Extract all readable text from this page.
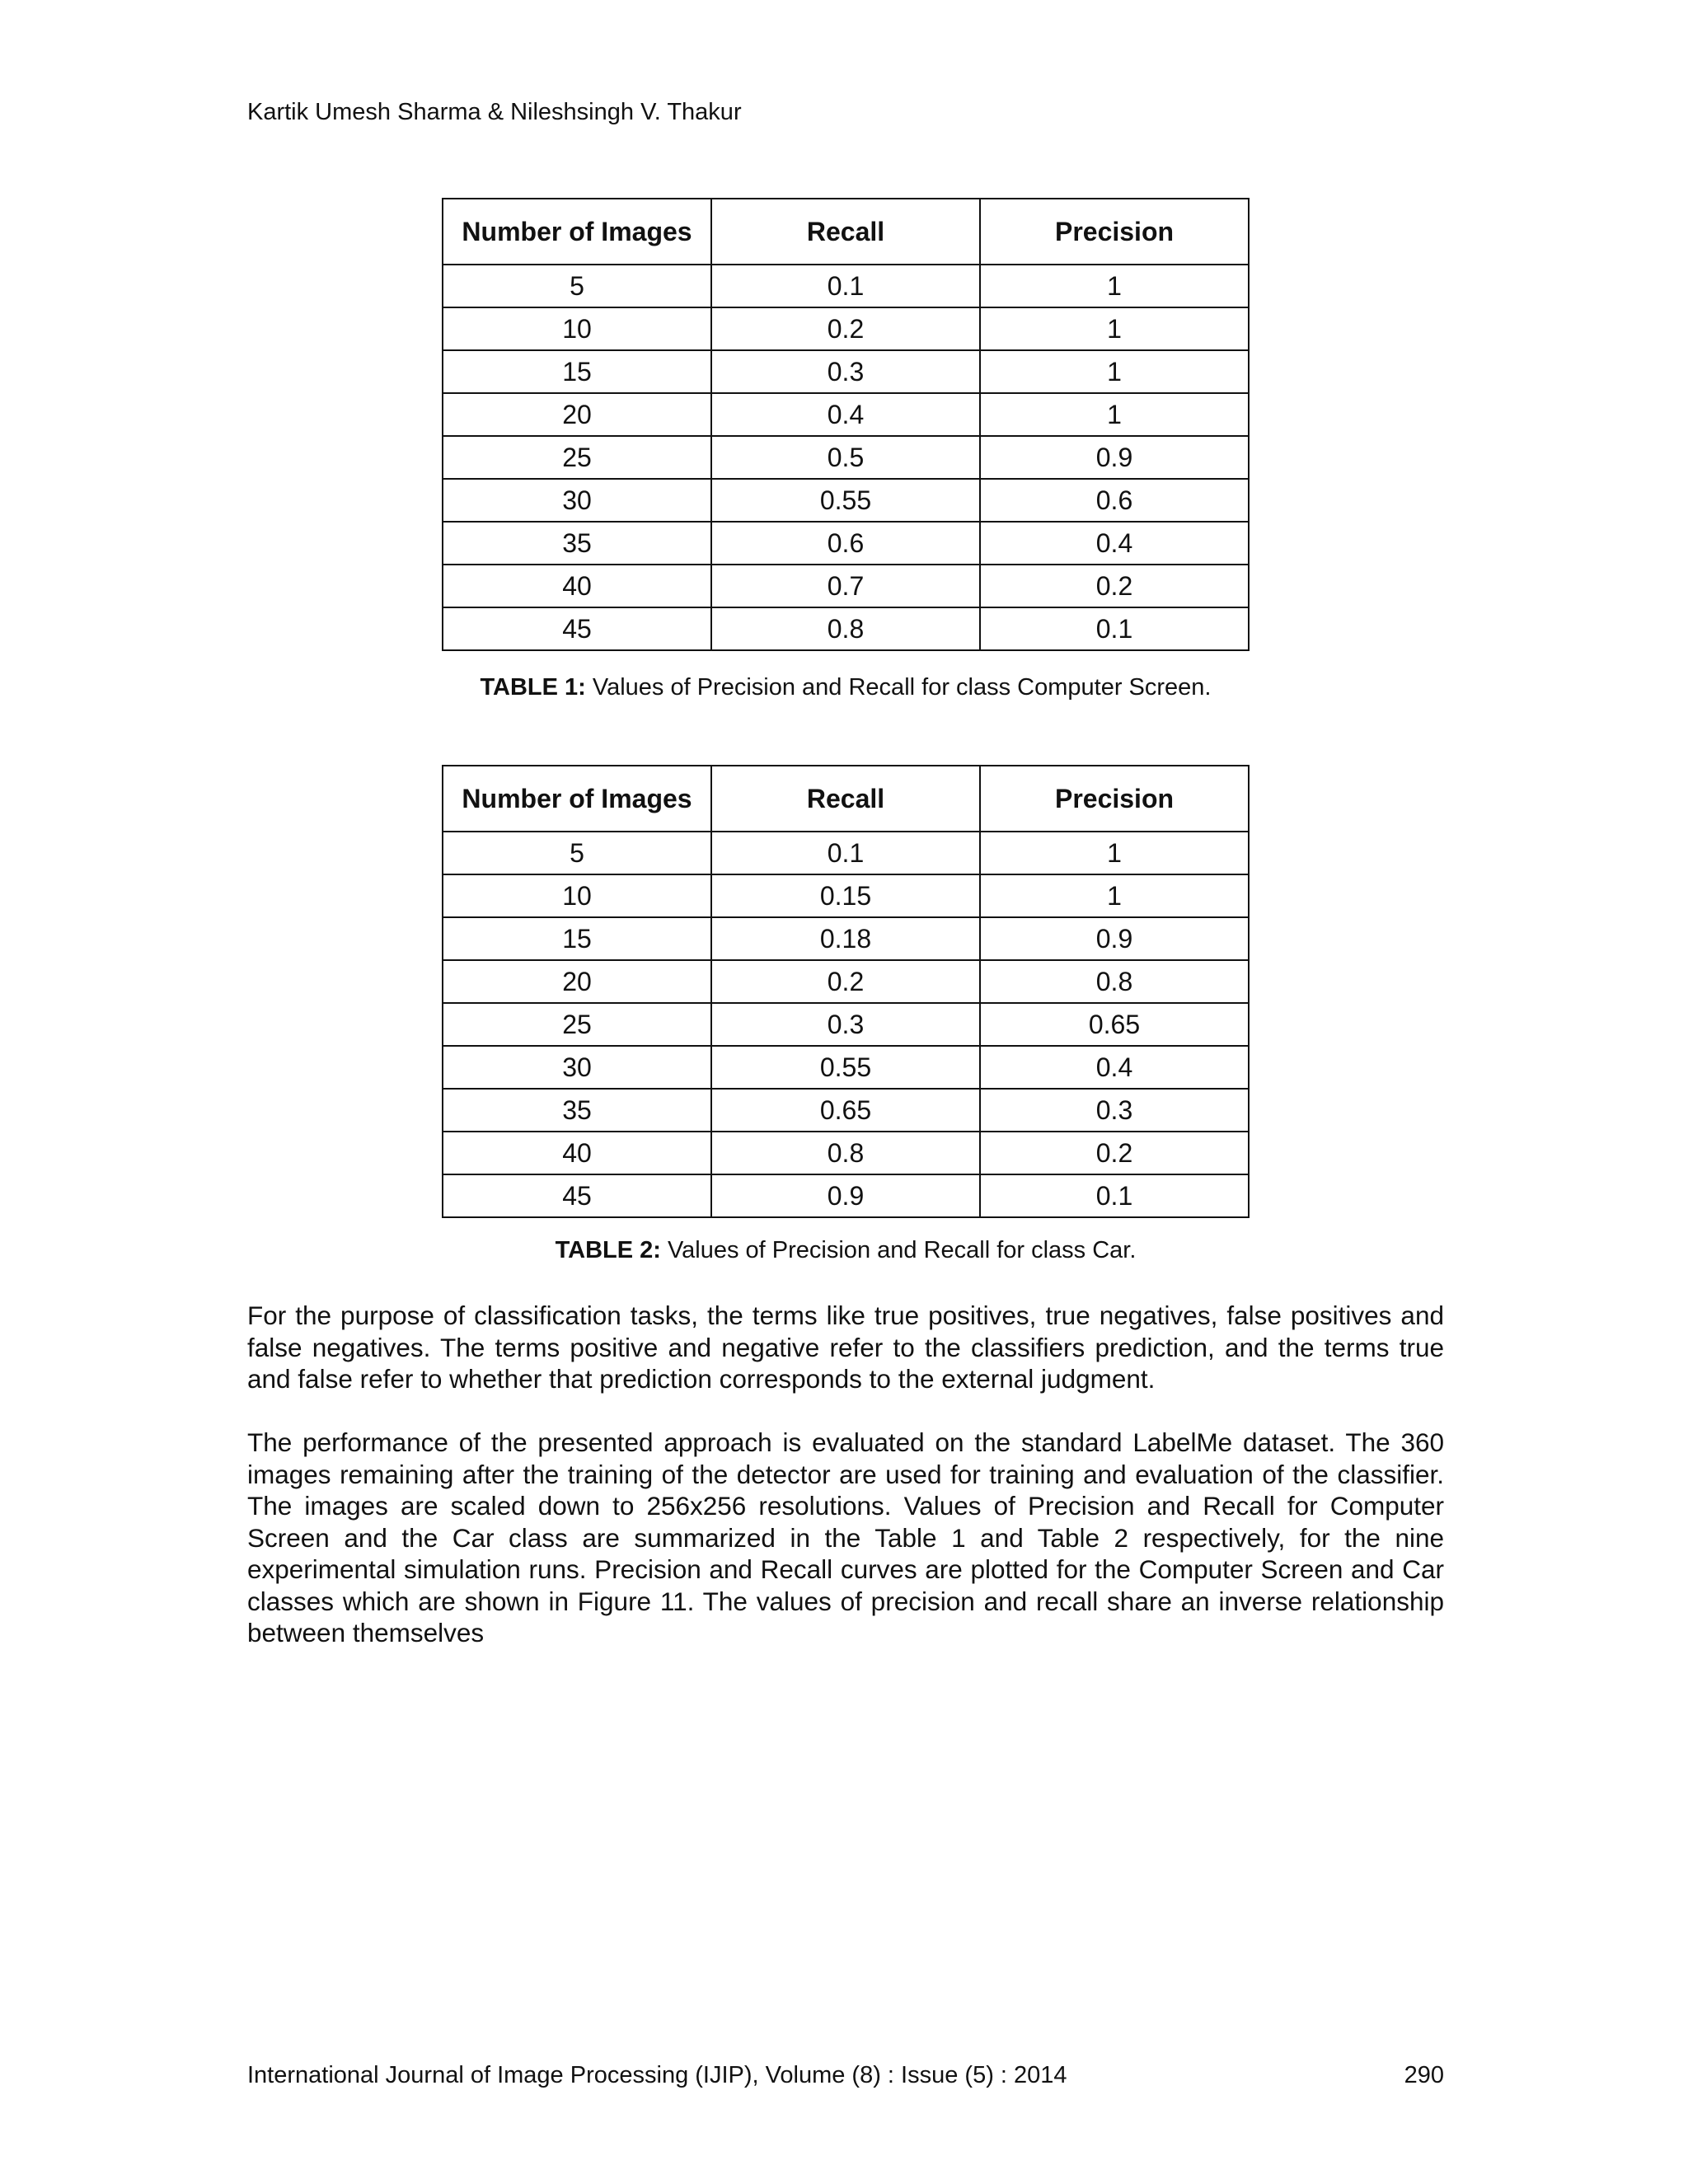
Kartik Umesh Sharma & Nileshsingh V. Thakur

Number of Images	Recall	Precision
5	0.1	1
10	0.2	1
15	0.3	1
20	0.4	1
25	0.5	0.9
30	0.55	0.6
35	0.6	0.4
40	0.7	0.2
45	0.8	0.1

TABLE 1: Values of Precision and Recall for class Computer Screen.

Number of Images	Recall	Precision
5	0.1	1
10	0.15	1
15	0.18	0.9
20	0.2	0.8
25	0.3	0.65
30	0.55	0.4
35	0.65	0.3
40	0.8	0.2
45	0.9	0.1

TABLE 2: Values of Precision and Recall for class Car.

For the purpose of classification tasks, the terms like true positives, true negatives, false positives and false negatives. The terms positive and negative refer to the classifiers prediction, and the terms true and false refer to whether that prediction corresponds to the external judgment.

The performance of the presented approach is evaluated on the standard LabelMe dataset. The 360 images remaining after the training of the detector are used for training and evaluation of the classifier. The images are scaled down to 256x256 resolutions. Values of Precision and Recall for Computer Screen and the Car class are summarized in the Table 1 and Table 2 respectively, for the nine experimental simulation runs. Precision and Recall curves are plotted for the Computer Screen and Car classes which are shown in Figure 11. The values of precision and recall share an inverse relationship between themselves

International Journal of Image Processing (IJIP), Volume (8) : Issue (5) : 2014	290
